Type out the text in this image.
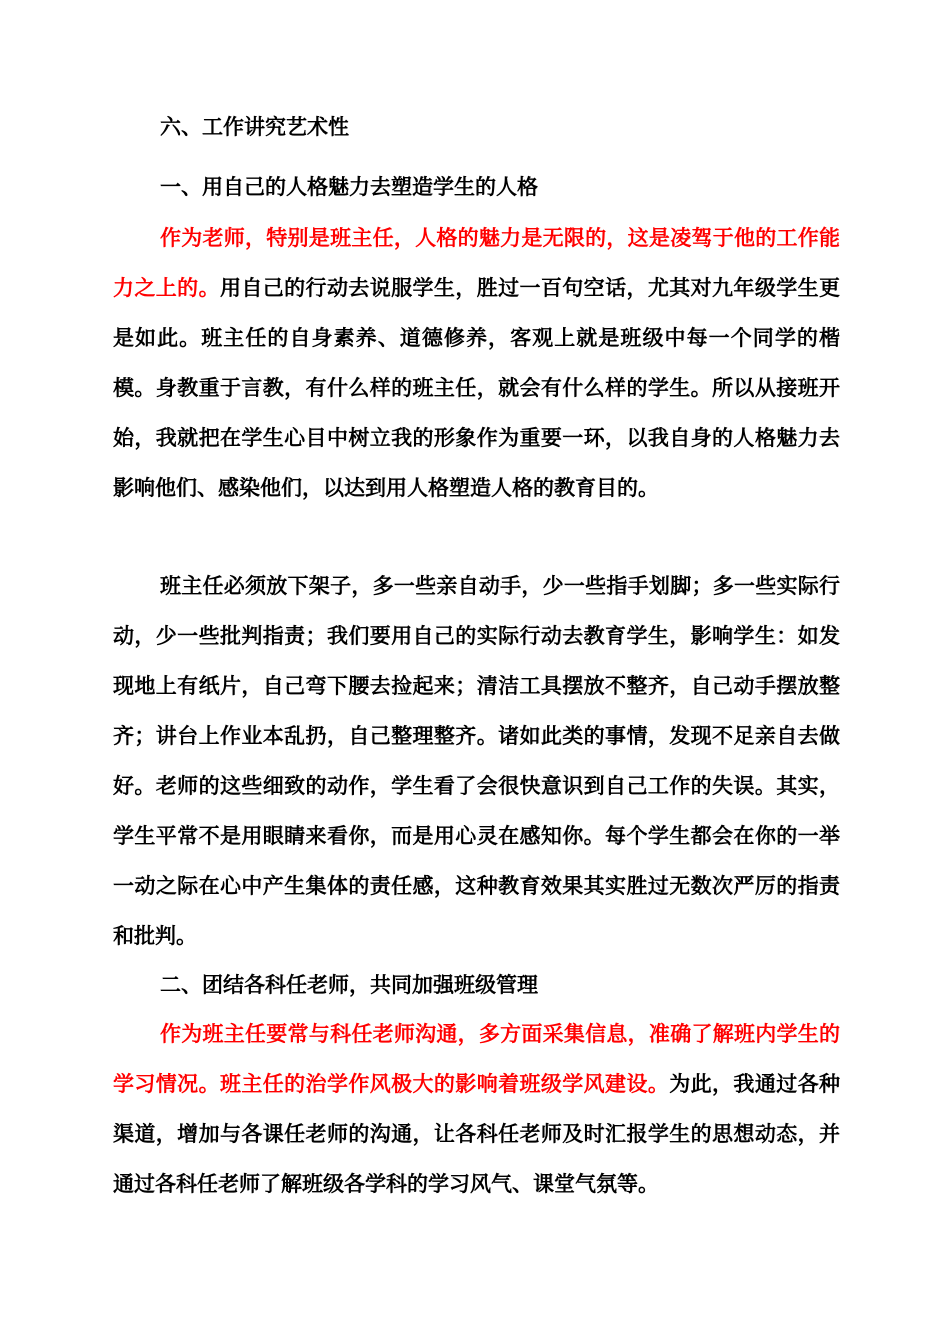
六、工作讲究艺术性
一、用自己的人格魅力去塑造学生的人格

作为老师，特别是班主任，人格的魅力是无限的，这是凌驾于他的工作能力之上的。用自己的行动去说服学生，胜过一百句空话，尤其对九年级学生更是如此。班主任的自身素养、道德修养，客观上就是班级中每一个同学的楷模。身教重于言教，有什么样的班主任，就会有什么样的学生。所以从接班开始，我就把在学生心目中树立我的形象作为重要一环，以我自身的人格魅力去影响他们、感染他们，以达到用人格塑造人格的教育目的。

班主任必须放下架子，多一些亲自动手，少一些指手划脚；多一些实际行动，少一些批判指责；我们要用自己的实际行动去教育学生，影响学生：如发现地上有纸片，自己弯下腰去捡起来；清洁工具摆放不整齐，自己动手摆放整齐；讲台上作业本乱扔，自己整理整齐。诸如此类的事情，发现不足亲自去做好。老师的这些细致的动作，学生看了会很快意识到自己工作的失误。其实，学生平常不是用眼睛来看你，而是用心灵在感知你。每个学生都会在你的一举一动之际在心中产生集体的责任感，这种教育效果其实胜过无数次严厉的指责和批判。

二、团结各科任老师，共同加强班级管理

作为班主任要常与科任老师沟通，多方面采集信息，准确了解班内学生的学习情况。班主任的治学作风极大的影响着班级学风建设。为此，我通过各种渠道，增加与各课任老师的沟通，让各科任老师及时汇报学生的思想动态，并通过各科任老师了解班级各学科的学习风气、课堂气氛等。
